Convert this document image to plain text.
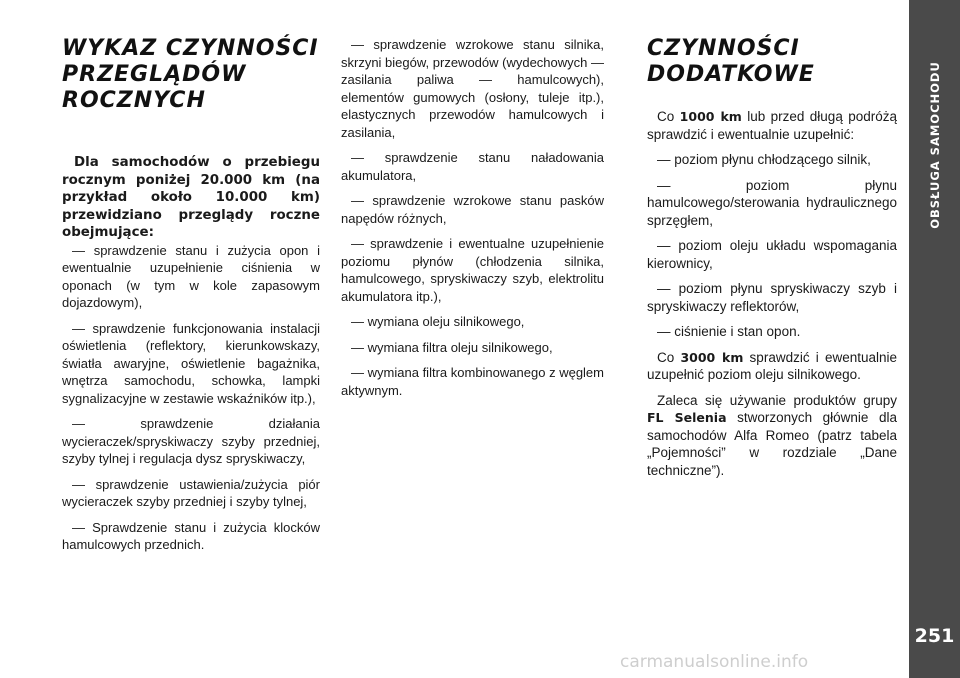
WYKAZ CZYNNOŚCI
PRZEGLĄDÓW
ROCZNYCH

Dla samochodów o przebiegu rocznym poniżej 20.000 km (na przykład około 10.000 km) przewidziano przeglądy roczne obejmujące:

— sprawdzenie stanu i zużycia opon i ewentualnie uzupełnienie ciśnienia w oponach (w tym w kole zapasowym dojazdowym),

— sprawdzenie funkcjonowania instalacji oświetlenia (reflektory, kierunkowskazy, światła awaryjne, oświetlenie bagażnika, wnętrza samochodu, schowka, lampki sygnalizacyjne w zestawie wskaźników itp.),

— sprawdzenie działania wycieraczek/spryskiwaczy szyby przedniej, szyby tylnej i regulacja dysz spryskiwaczy,

— sprawdzenie ustawienia/zużycia piór wycieraczek szyby przedniej i szyby tylnej,

— Sprawdzenie stanu i zużycia klocków hamulcowych przednich.

— sprawdzenie wzrokowe stanu silnika, skrzyni biegów, przewodów (wydechowych — zasilania paliwa — hamulcowych), elementów gumowych (osłony, tuleje itp.), elastycznych przewodów hamulcowych i zasilania,

— sprawdzenie stanu naładowania akumulatora,

— sprawdzenie wzrokowe stanu pasków napędów różnych,

— sprawdzenie i ewentualne uzupełnienie poziomu płynów (chłodzenia silnika, hamulcowego, spryskiwaczy szyb, elektrolitu akumulatora itp.),

— wymiana oleju silnikowego,

— wymiana filtra oleju silnikowego,

— wymiana filtra kombinowanego z węglem aktywnym.

CZYNNOŚCI
DODATKOWE

Co 1000 km lub przed długą podróżą sprawdzić i ewentualnie uzupełnić:

— poziom płynu chłodzącego silnik,

— poziom płynu hamulcowego/sterowania hydraulicznego sprzęgłem,

— poziom oleju układu wspomagania kierownicy,

— poziom płynu spryskiwaczy szyb i spryskiwaczy reflektorów,

— ciśnienie i stan opon.

Co 3000 km sprawdzić i ewentualnie uzupełnić poziom oleju silnikowego.

Zaleca się używanie produktów grupy FL Selenia stworzonych głównie dla samochodów Alfa Romeo (patrz tabela „Pojemności” w rozdziale „Dane techniczne”).

OBSŁUGA SAMOCHODU
251
carmanualsonline.info
